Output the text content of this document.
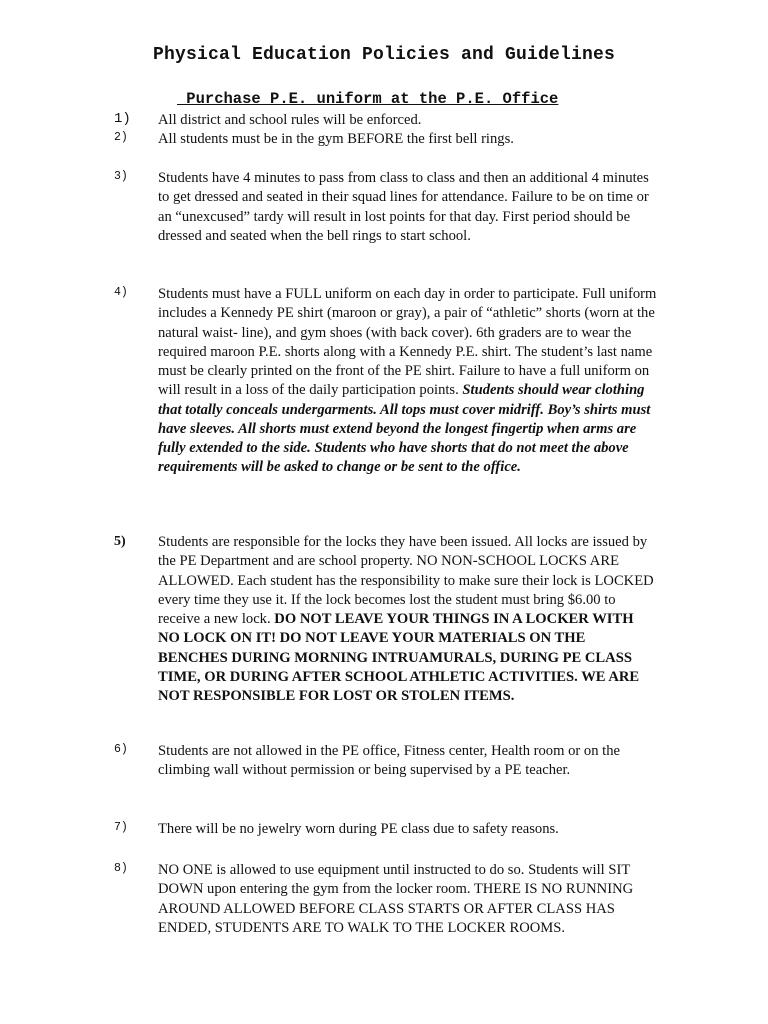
Physical Education Policies and Guidelines
Purchase P.E. uniform at the P.E. Office
1) All district and school rules will be enforced.
2) All students must be in the gym BEFORE the first bell rings.
3) Students have 4 minutes to pass from class to class and then an additional 4 minutes to get dressed and seated in their squad lines for attendance. Failure to be on time or an “unexcused” tardy will result in lost points for that day. First period should be dressed and seated when the bell rings to start school.
4) Students must have a FULL uniform on each day in order to participate. Full uniform includes a Kennedy PE shirt (maroon or gray), a pair of “athletic” shorts (worn at the natural waist- line), and gym shoes (with back cover). 6th graders are to wear the required maroon P.E. shorts along with a Kennedy P.E. shirt. The student’s last name must be clearly printed on the front of the PE shirt. Failure to have a full uniform on will result in a loss of the daily participation points. Students should wear clothing that totally conceals undergarments. All tops must cover midriff. Boy’s shirts must have sleeves. All shorts must extend beyond the longest fingertip when arms are fully extended to the side. Students who have shorts that do not meet the above requirements will be asked to change or be sent to the office.
5) Students are responsible for the locks they have been issued. All locks are issued by the PE Department and are school property. NO NON-SCHOOL LOCKS ARE ALLOWED. Each student has the responsibility to make sure their lock is LOCKED every time they use it. If the lock becomes lost the student must bring $6.00 to receive a new lock. DO NOT LEAVE YOUR THINGS IN A LOCKER WITH NO LOCK ON IT! DO NOT LEAVE YOUR MATERIALS ON THE BENCHES DURING MORNING INTRUAMURALS, DURING PE CLASS TIME, OR DURING AFTER SCHOOL ATHLETIC ACTIVITIES. WE ARE NOT RESPONSIBLE FOR LOST OR STOLEN ITEMS.
6) Students are not allowed in the PE office, Fitness center, Health room or on the climbing wall without permission or being supervised by a PE teacher.
7) There will be no jewelry worn during PE class due to safety reasons.
8) NO ONE is allowed to use equipment until instructed to do so. Students will SIT DOWN upon entering the gym from the locker room. THERE IS NO RUNNING AROUND ALLOWED BEFORE CLASS STARTS OR AFTER CLASS HAS ENDED, STUDENTS ARE TO WALK TO THE LOCKER ROOMS.
